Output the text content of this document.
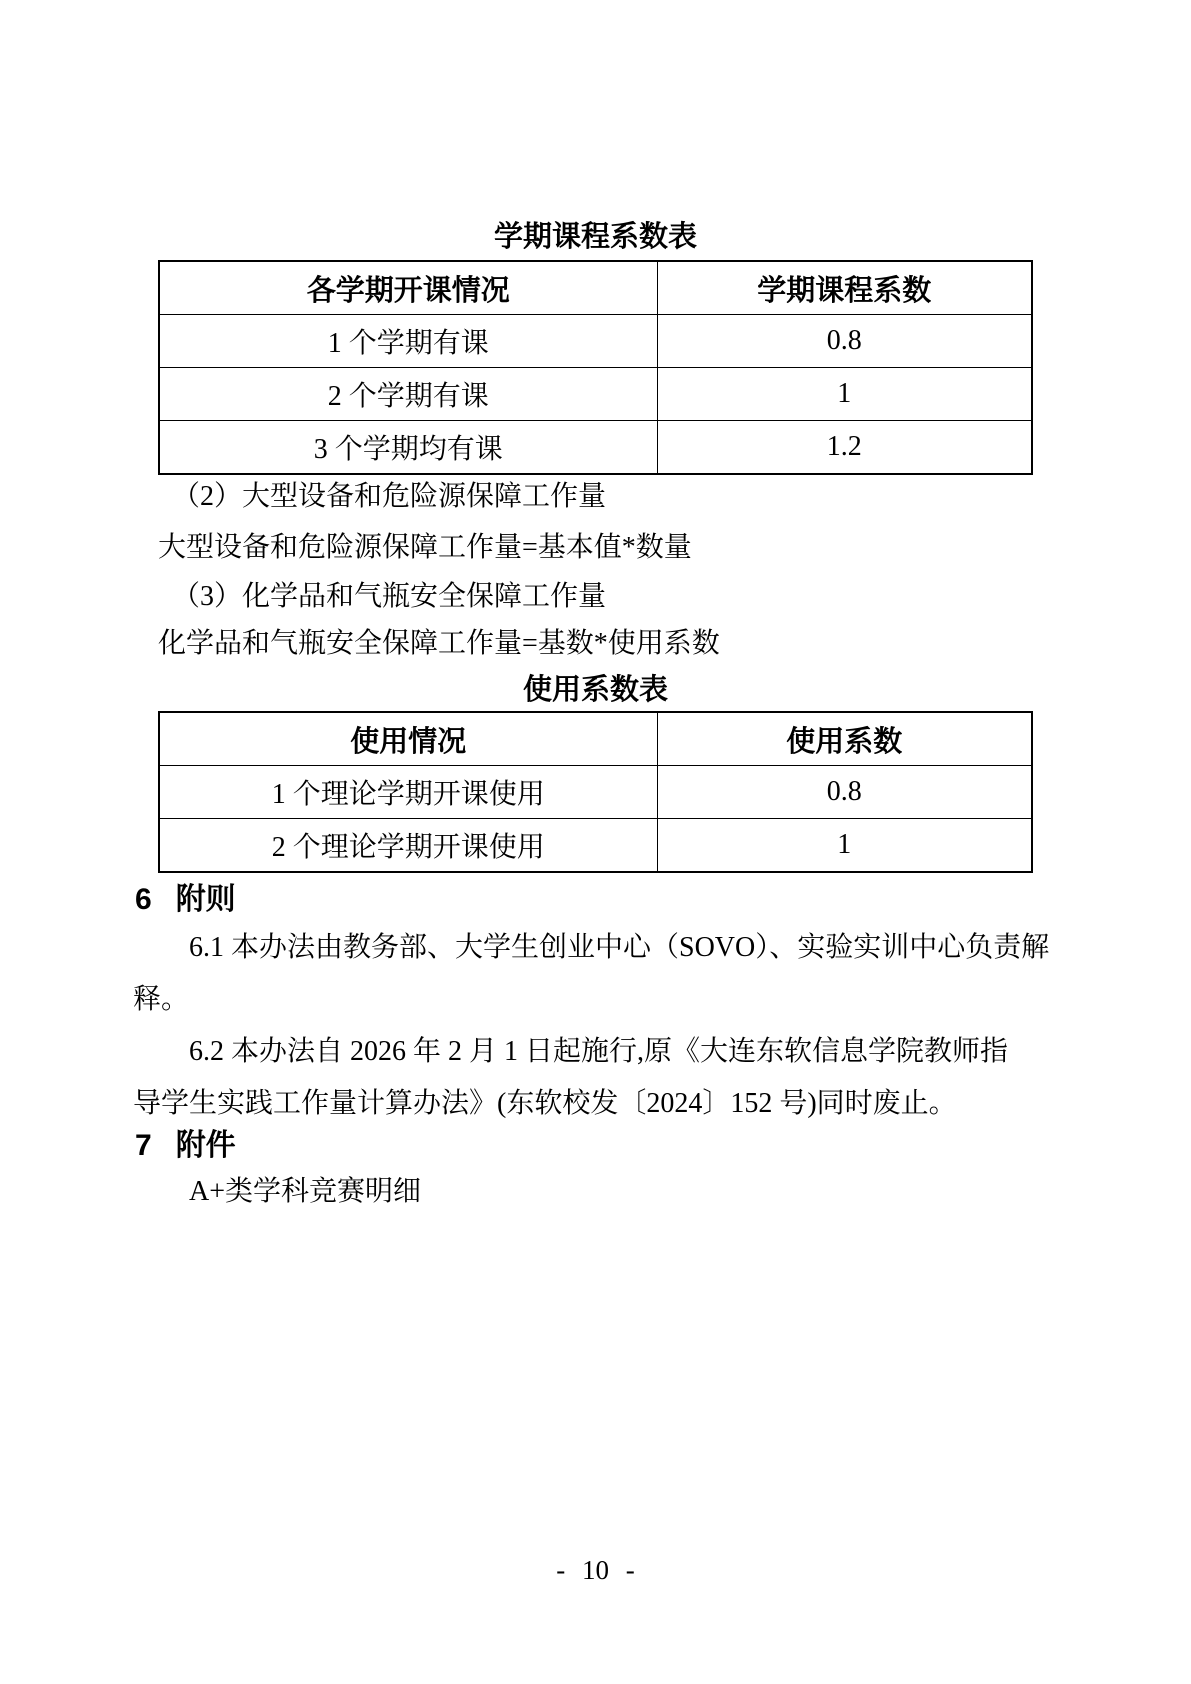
学期课程系数表
各学期开课情况	学期课程系数
1 个学期有课	0.8
2 个学期有课	1
3 个学期均有课	1.2
（2）大型设备和危险源保障工作量
大型设备和危险源保障工作量=基本值*数量
（3）化学品和气瓶安全保障工作量
化学品和气瓶安全保障工作量=基数*使用系数
使用系数表
使用情况	使用系数
1 个理论学期开课使用	0.8
2 个理论学期开课使用	1
6 附则
6.1 本办法由教务部、大学生创业中心（SOVO）、实验实训中心负责解
释。
6.2 本办法自 2026 年 2 月 1 日起施行,原《大连东软信息学院教师指
导学生实践工作量计算办法》(东软校发〔2024〕152 号)同时废止。
7 附件
A+类学科竞赛明细
- 10 -
